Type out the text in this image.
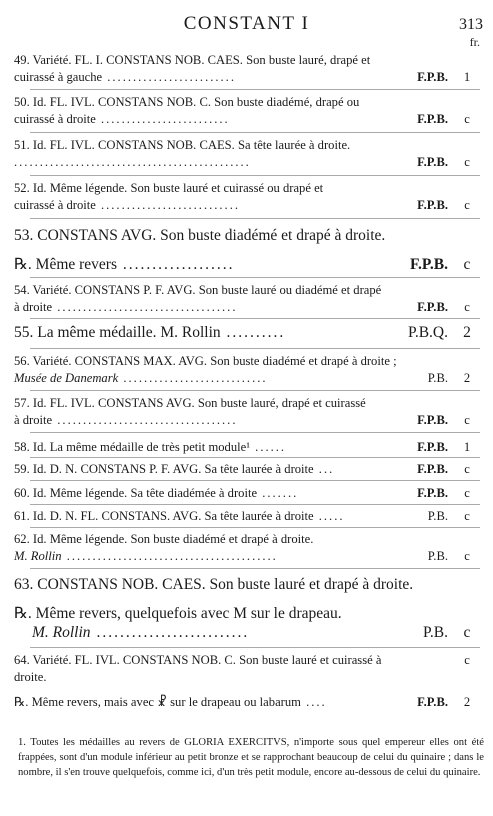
CONSTANT I	313
fr.
49. Variété. FL. I. CONSTANS NOB. CAES. Son buste lauré, drapé et
cuirassé à gauche .........................	F.P.B.	1
50. Id. FL. IVL. CONSTANS NOB. C. Son buste diadémé, drapé ou
cuirassé à droite .........................	F.P.B.	c
51. Id. FL. IVL. CONSTANS NOB. CAES. Sa tête laurée à droite.
..............................................	F.P.B.	c
52. Id. Même légende. Son buste lauré et cuirassé ou drapé et
cuirassé à droite ...........................	F.P.B.	c
53. CONSTANS AVG. Son buste diadémé et drapé à droite.
℞. Même revers ...................	F.P.B.	c
54. Variété. CONSTANS P. F. AVG. Son buste lauré ou diadémé et drapé
à droite ...................................	F.P.B.	c
55. La même médaille. M. Rollin ..........	P.B.Q. 2
56. Variété. CONSTANS MAX. AVG. Son buste diadémé et drapé à droite ;
Musée de Danemark ............................	P.B.	2
57. Id. FL. IVL. CONSTANS AVG. Son buste lauré, drapé et cuirassé
à droite ...................................	F.P.B.	c
58. Id. La même médaille de très petit module¹ ......	F.P.B.	1
59. Id. D. N. CONSTANS P. F. AVG. Sa tête laurée à droite ...	F.P.B.	c
60. Id. Même légende. Sa tête diadémée à droite .......	F.P.B.	c
61. Id. D. N. FL. CONSTANS. AVG. Sa tête laurée à droite .....	P.B.	c
62. Id. Même légende. Son buste diadémé et drapé à droite.
M. Rollin .........................................	P.B.	c
63. CONSTANS NOB. CAES. Son buste lauré et drapé à droite.
℞. Même revers, quelquefois avec M sur le drapeau.
M. Rollin ..........................	P.B.	c
64. Variété. FL. IVL. CONSTANS NOB. C. Son buste lauré et cuirassé à	c
droite.
℞. Même revers, mais avec ☧ sur le drapeau ou labarum ....	F.P.B.	2
1. Toutes les médailles au revers de GLORIA EXERCITVS, n'importe sous quel empereur elles ont été frappées, sont d'un module inférieur au petit bronze et se rapprochant beaucoup de celui du quinaire ; dans le nombre, il s'en trouve quelquefois, comme ici, d'un très petit module, encore au-dessous de celui du quinaire.
